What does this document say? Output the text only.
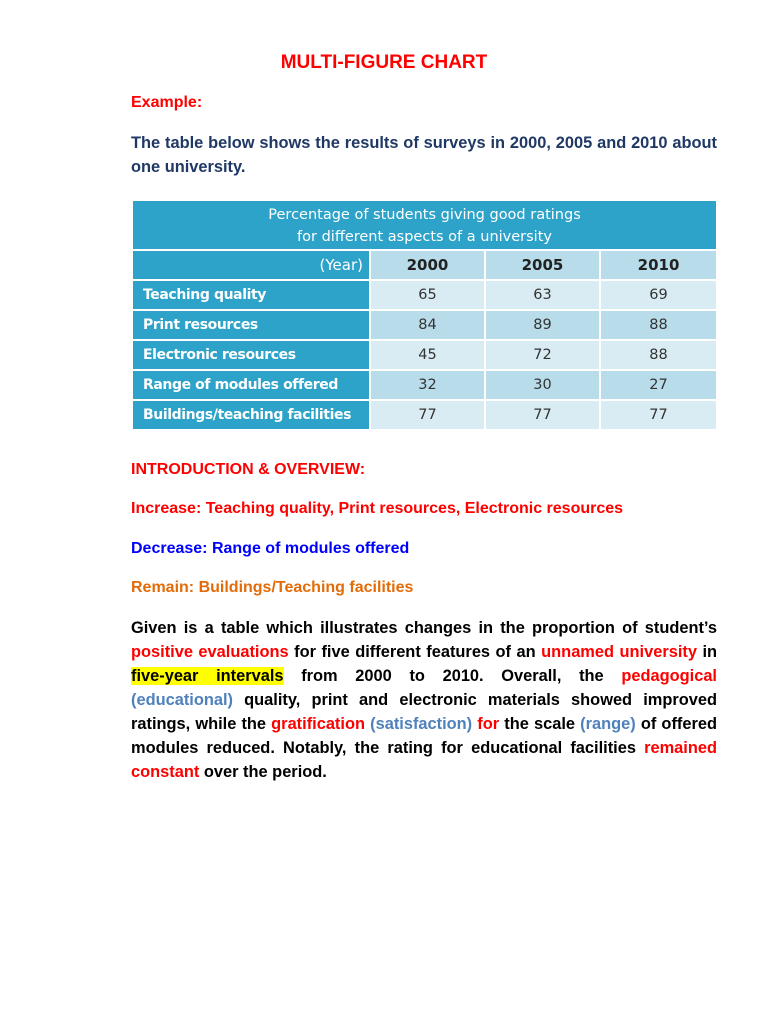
MULTI-FIGURE CHART
Example:
The table below shows the results of surveys in 2000, 2005 and 2010 about one university.
Percentage of students giving good ratings
for different aspects of a university			
(Year)	2000	2005	2010
Teaching quality	65	63	69
Print resources	84	89	88
Electronic resources	45	72	88
Range of modules offered	32	30	27
Buildings/teaching facilities	77	77	77
INTRODUCTION & OVERVIEW:
Increase: Teaching quality, Print resources, Electronic resources
Decrease: Range of modules offered
Remain: Buildings/Teaching facilities
Given is a table which illustrates changes in the proportion of student’s positive evaluations for five different features of an unnamed university in five-year intervals from 2000 to 2010. Overall, the pedagogical (educational) quality, print and electronic materials showed improved ratings, while the gratification (satisfaction) for the scale (range) of offered modules reduced. Notably, the rating for educational facilities remained constant over the period.
